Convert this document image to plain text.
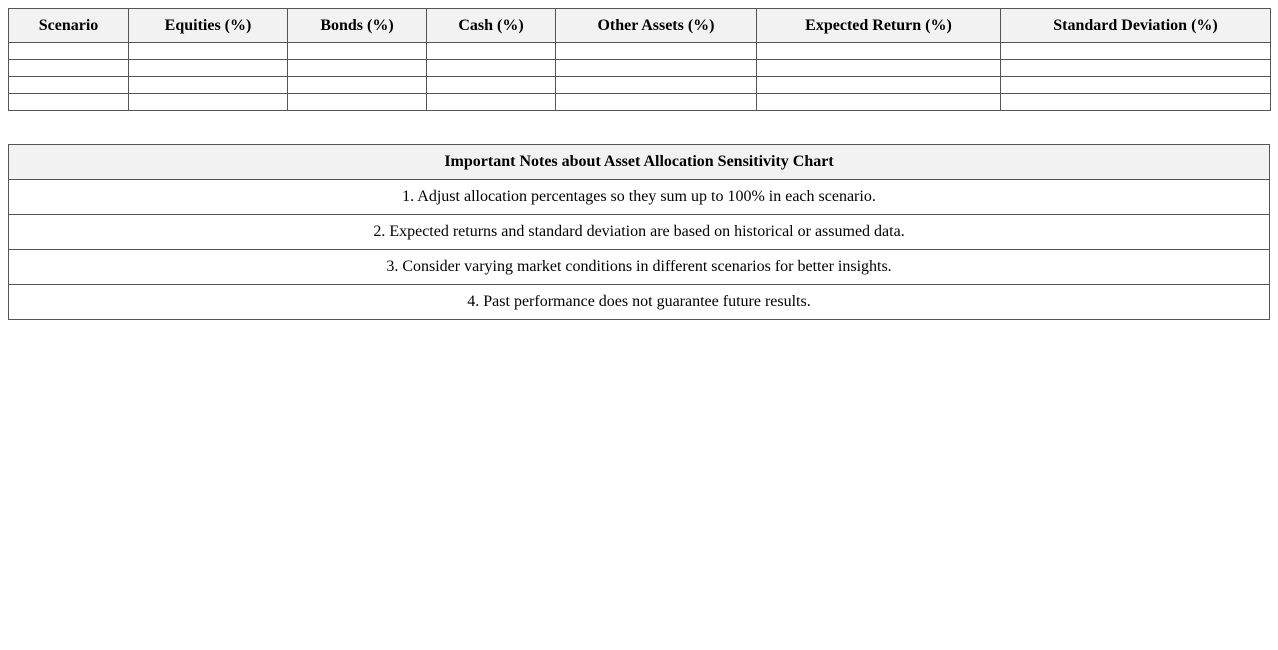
Scenario	Equities (%)	Bonds (%)	Cash (%)	Other Assets (%)	Expected Return (%)	Standard Deviation (%)

Important Notes about Asset Allocation Sensitivity Chart
1. Adjust allocation percentages so they sum up to 100% in each scenario.
2. Expected returns and standard deviation are based on historical or assumed data.
3. Consider varying market conditions in different scenarios for better insights.
4. Past performance does not guarantee future results.
